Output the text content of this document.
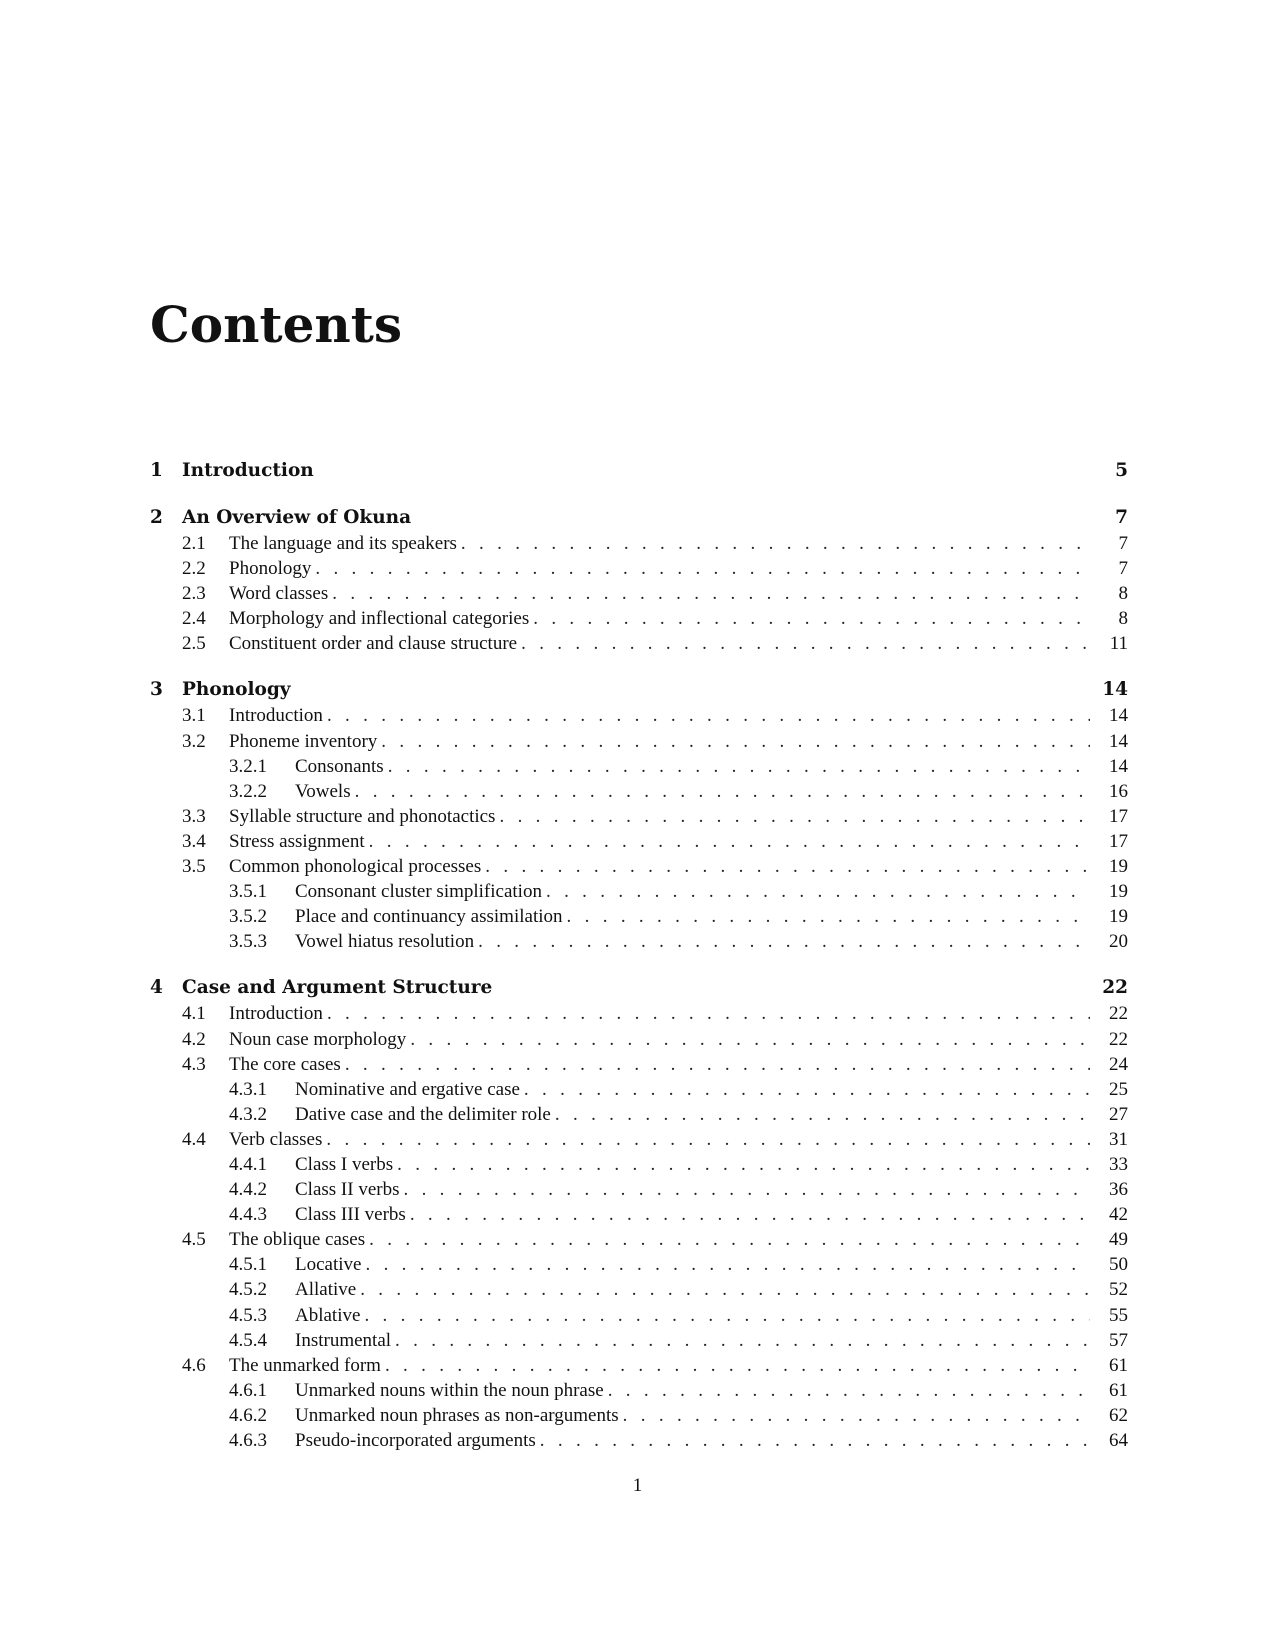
Contents
1	Introduction	5
2	An Overview of Okuna	7
2.1	The language and its speakers . . .	7
2.2	Phonology . . .	7
2.3	Word classes . . .	8
2.4	Morphology and inflectional categories . . .	8
2.5	Constituent order and clause structure . . .	11
3	Phonology	14
3.1	Introduction . . .	14
3.2	Phoneme inventory . . .	14
3.2.1	Consonants . . .	14
3.2.2	Vowels . . .	16
3.3	Syllable structure and phonotactics . . .	17
3.4	Stress assignment . . .	17
3.5	Common phonological processes . . .	19
3.5.1	Consonant cluster simplification . . .	19
3.5.2	Place and continuancy assimilation . . .	19
3.5.3	Vowel hiatus resolution . . .	20
4	Case and Argument Structure	22
4.1	Introduction . . .	22
4.2	Noun case morphology . . .	22
4.3	The core cases . . .	24
4.3.1	Nominative and ergative case . . .	25
4.3.2	Dative case and the delimiter role . . .	27
4.4	Verb classes . . .	31
4.4.1	Class I verbs . . .	33
4.4.2	Class II verbs . . .	36
4.4.3	Class III verbs . . .	42
4.5	The oblique cases . . .	49
4.5.1	Locative . . .	50
4.5.2	Allative . . .	52
4.5.3	Ablative . . .	55
4.5.4	Instrumental . . .	57
4.6	The unmarked form . . .	61
4.6.1	Unmarked nouns within the noun phrase . . .	61
4.6.2	Unmarked noun phrases as non-arguments . . .	62
4.6.3	Pseudo-incorporated arguments . . .	64
1
